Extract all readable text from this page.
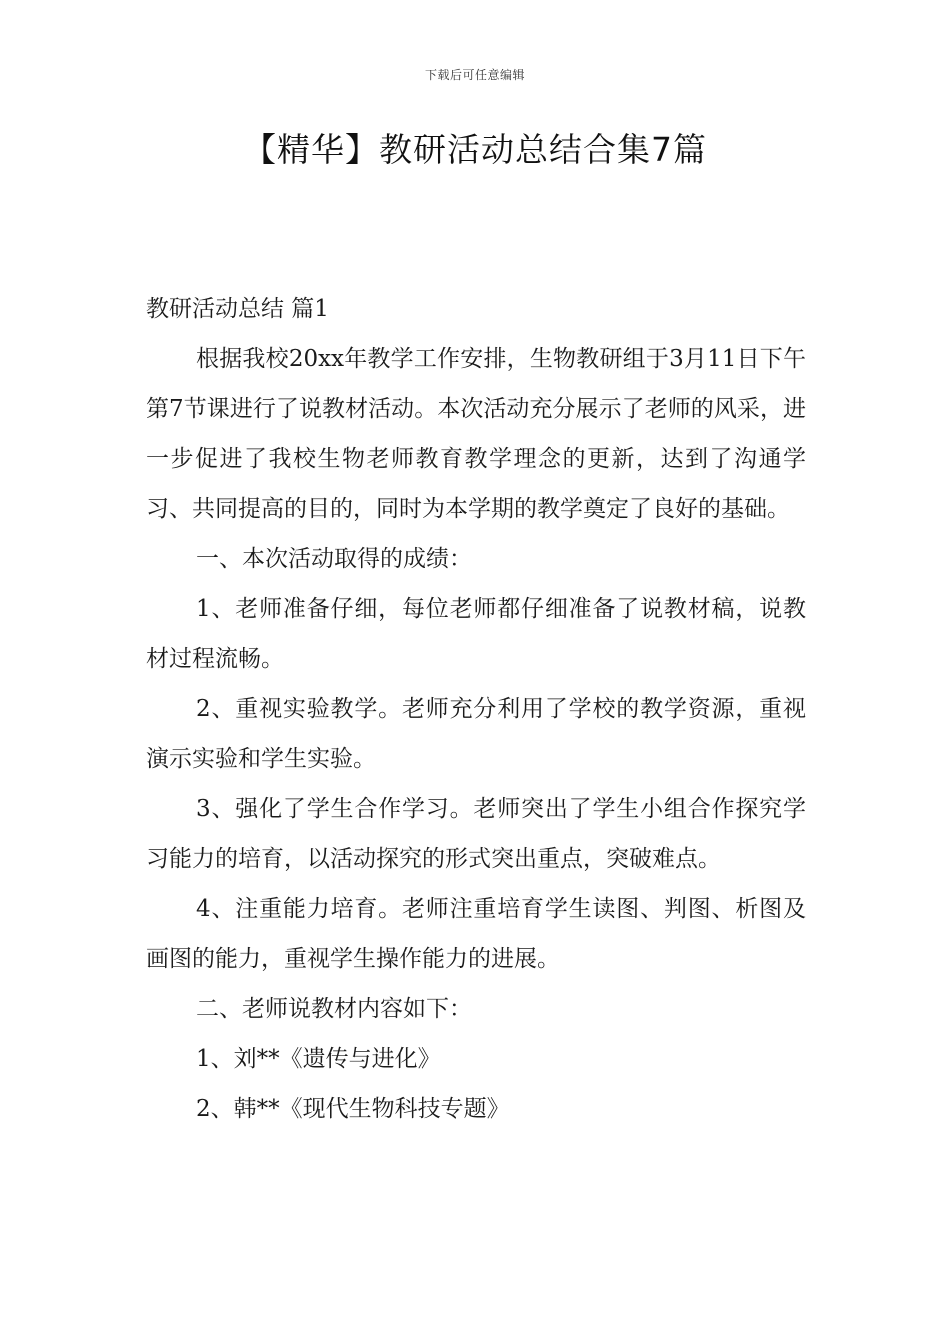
下载后可任意编辑
【精华】教研活动总结合集7篇

教研活动总结 篇1

根据我校20xx年教学工作安排，生物教研组于3月11日下午第7节课进行了说教材活动。本次活动充分展示了老师的风采，进一步促进了我校生物老师教育教学理念的更新，达到了沟通学习、共同提高的目的，同时为本学期的教学奠定了良好的基础。

一、本次活动取得的成绩：

1、老师准备仔细，每位老师都仔细准备了说教材稿，说教材过程流畅。

2、重视实验教学。老师充分利用了学校的教学资源，重视演示实验和学生实验。

3、强化了学生合作学习。老师突出了学生小组合作探究学习能力的培育，以活动探究的形式突出重点，突破难点。

4、注重能力培育。老师注重培育学生读图、判图、析图及画图的能力，重视学生操作能力的进展。

二、老师说教材内容如下：

1、刘**《遗传与进化》

2、韩**《现代生物科技专题》
